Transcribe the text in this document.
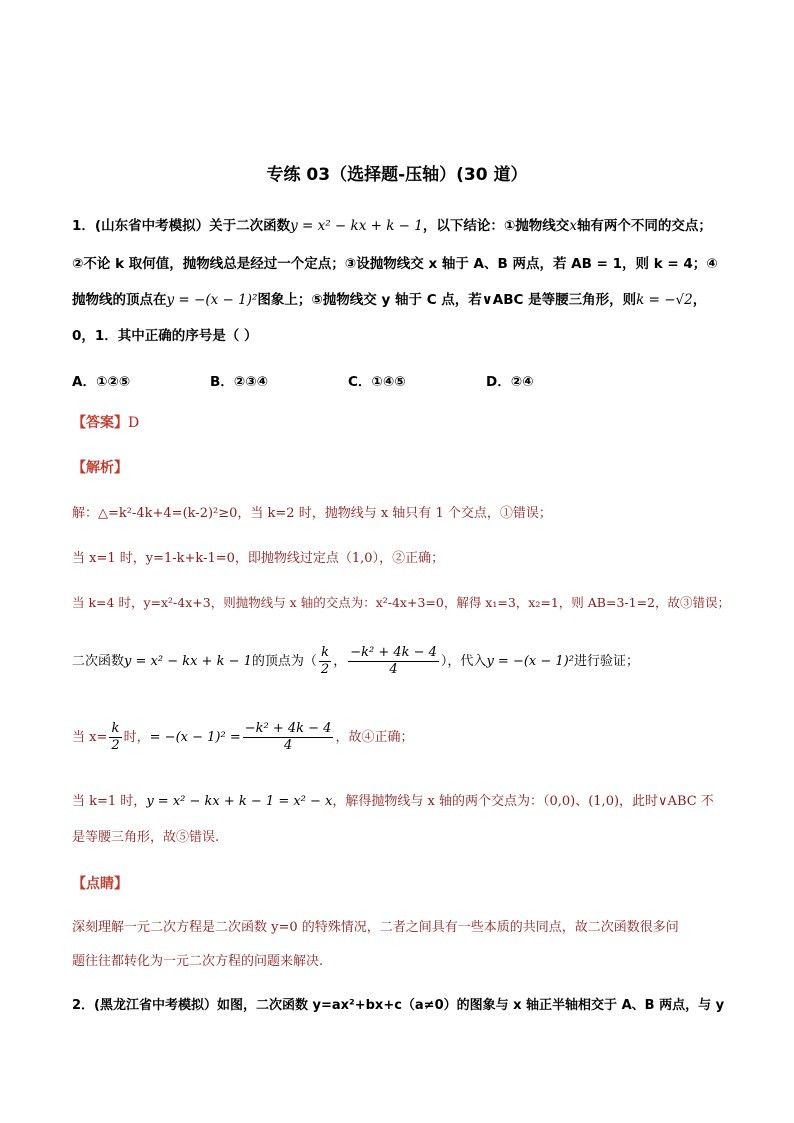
专练 03（选择题-压轴）(30 道）
1．(山东省中考模拟）关于二次函数y = x² − kx + k − 1，以下结论：①抛物线交x轴有两个不同的交点；
②不论 k 取何值，抛物线总是经过一个定点；③设抛物线交 x 轴于 A、B 两点，若 AB = 1，则 k = 4；④
抛物线的顶点在y = −(x − 1)²图象上；⑤抛物线交 y 轴于 C 点，若∨ABC 是等腰三角形，则k = −√2，
0，1．其中正确的序号是（ ）
A．①②⑤	B．②③④	C．①④⑤	D．②④
【答案】D
【解析】
解：△=k²-4k+4=(k-2)²≥0，当 k=2 时，抛物线与 x 轴只有 1 个交点，①错误；
当 x=1 时，y=1-k+k-1=0，即抛物线过定点（1,0），②正确；
当 k=4 时，y=x²-4x+3，则抛物线与 x 轴的交点为：x²-4x+3=0，解得 x₁=3，x₂=1，则 AB=3-1=2，故③错误；
二次函数y = x² − kx + k − 1的顶点为（ $\frac{k}{2}$ ， $\frac{\text{−k² + 4k − 4}}{4}$ ），代入y = −(x − 1)²进行验证；
当 $x= \frac{k}{2}$ 时，= $-(x - 1)^2 = \frac{\text{−k² + 4k − 4}}{4}$ ，故④正确；
当 k=1 时，y = x² − kx + k − 1 = x² − x，解得抛物线与 x 轴的两个交点为：（0,0)、(1,0)，此时∨ABC 不
是等腰三角形，故⑤错误.
【点睛】
深刻理解一元二次方程是二次函数 y=0 的特殊情况，二者之间具有一些本质的共同点，故二次函数很多问
题往往都转化为一元二次方程的问题来解决.
2．(黑龙江省中考模拟）如图，二次函数 y=ax²+bx+c（a≠0）的图象与 x 轴正半轴相交于 A、B 两点，与 y
